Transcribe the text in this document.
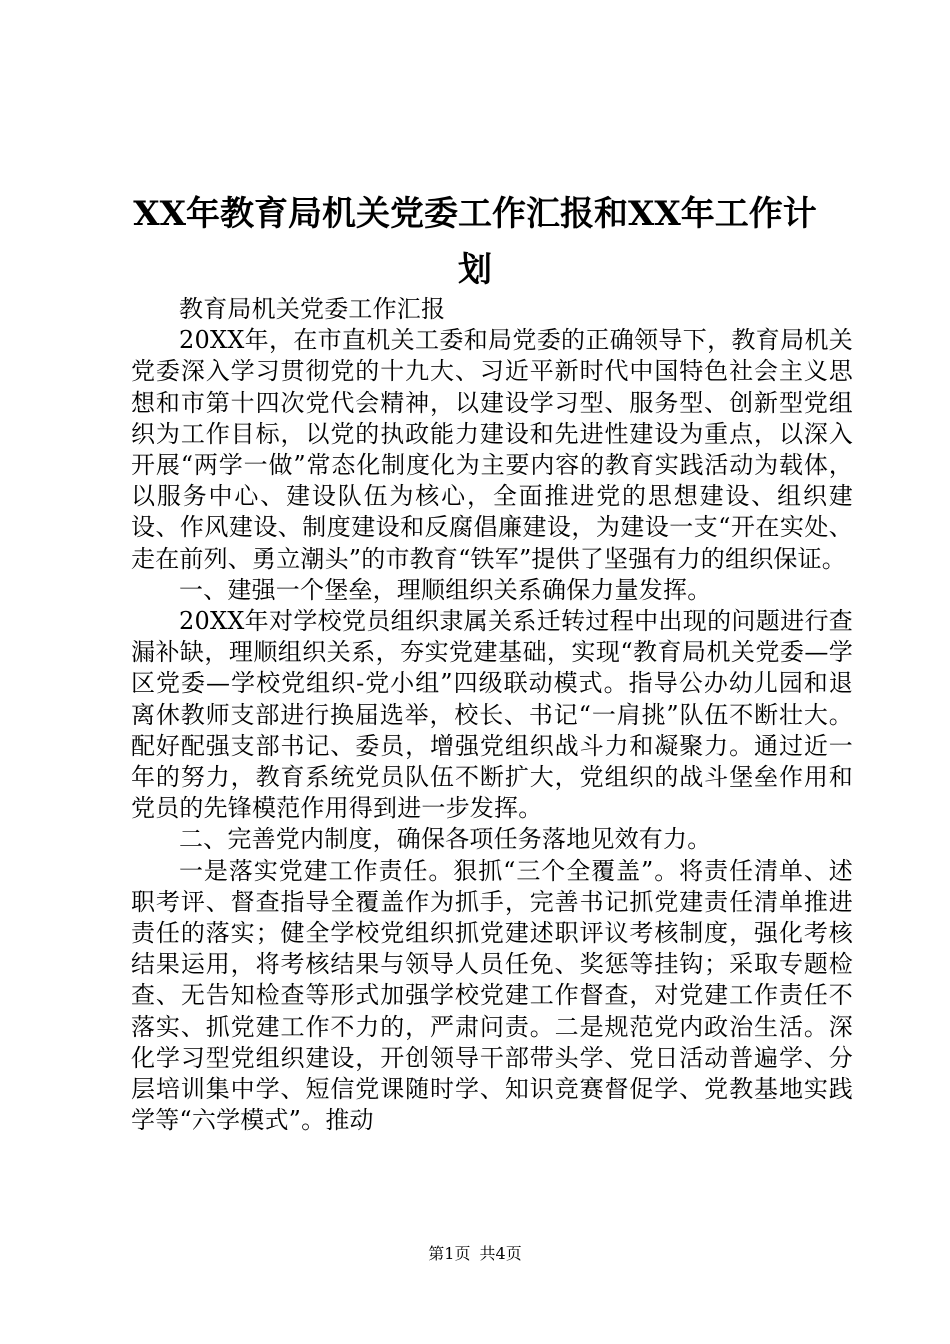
XX年教育局机关党委工作汇报和XX年工作计划

教育局机关党委工作汇报

20XX年，在市直机关工委和局党委的正确领导下，教育局机关党委深入学习贯彻党的十九大、习近平新时代中国特色社会主义思想和市第十四次党代会精神，以建设学习型、服务型、创新型党组织为工作目标，以党的执政能力建设和先进性建设为重点，以深入开展“两学一做”常态化制度化为主要内容的教育实践活动为载体，以服务中心、建设队伍为核心，全面推进党的思想建设、组织建设、作风建设、制度建设和反腐倡廉建设，为建设一支“开在实处、走在前列、勇立潮头”的市教育“铁军”提供了坚强有力的组织保证。

一、建强一个堡垒，理顺组织关系确保力量发挥。

20XX年对学校党员组织隶属关系迁转过程中出现的问题进行查漏补缺，理顺组织关系，夯实党建基础，实现“教育局机关党委—学区党委—学校党组织-党小组”四级联动模式。指导公办幼儿园和退离休教师支部进行换届选举，校长、书记“一肩挑”队伍不断壮大。配好配强支部书记、委员，增强党组织战斗力和凝聚力。通过近一年的努力，教育系统党员队伍不断扩大，党组织的战斗堡垒作用和党员的先锋模范作用得到进一步发挥。

二、完善党内制度，确保各项任务落地见效有力。

一是落实党建工作责任。狠抓“三个全覆盖”。将责任清单、述职考评、督查指导全覆盖作为抓手，完善书记抓党建责任清单推进责任的落实；健全学校党组织抓党建述职评议考核制度，强化考核结果运用，将考核结果与领导人员任免、奖惩等挂钩；采取专题检查、无告知检查等形式加强学校党建工作督查，对党建工作责任不落实、抓党建工作不力的，严肃问责。二是规范党内政治生活。深化学习型党组织建设，开创领导干部带头学、党日活动普遍学、分层培训集中学、短信党课随时学、知识竞赛督促学、党教基地实践学等“六学模式”。推动

第1页 共4页
